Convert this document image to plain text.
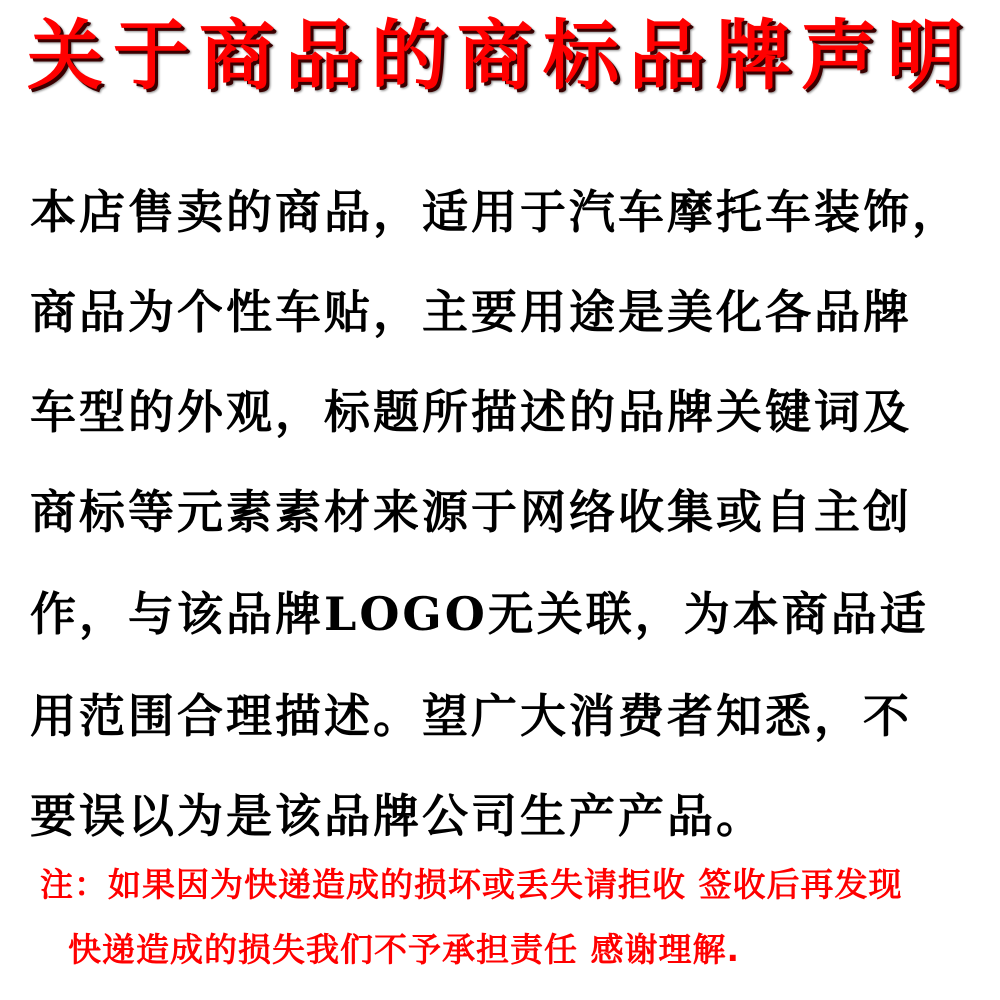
关于商品的商标品牌声明
本店售卖的商品，适用于汽车摩托车装饰，
商品为个性车贴，主要用途是美化各品牌
车型的外观，标题所描述的品牌关键词及
商标等元素素材来源于网络收集或自主创
作，与该品牌LOGO无关联，为本商品适
用范围合理描述。望广大消费者知悉，不
要误以为是该品牌公司生产产品。
注：如果因为快递造成的损坏或丢失请拒收 签收后再发现
快递造成的损失我们不予承担责任 感谢理解.
